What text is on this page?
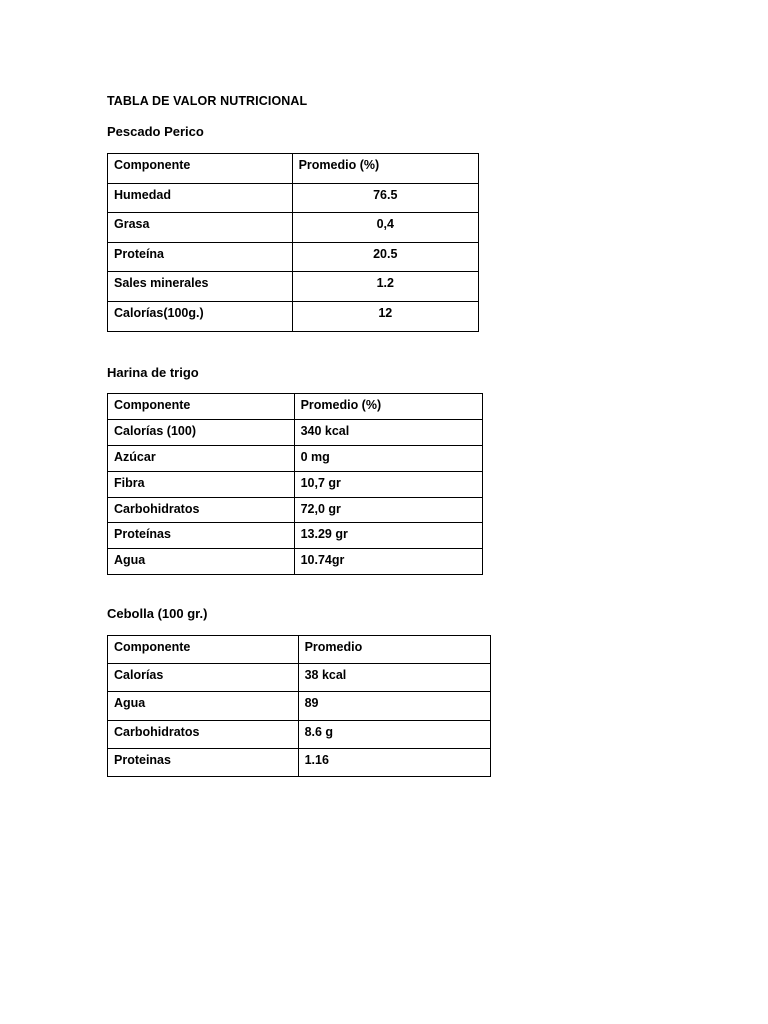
TABLA DE VALOR NUTRICIONAL
Pescado Perico
Componente	Promedio (%)
Humedad	76.5
Grasa	0,4
Proteína	20.5
Sales minerales	1.2
Calorías(100g.)	12
Harina de trigo
Componente	Promedio (%)
Calorías (100)	340 kcal
Azúcar	0 mg
Fibra	10,7 gr
Carbohidratos	72,0 gr
Proteínas	13.29 gr
Agua	10.74gr
Cebolla (100 gr.)
Componente	Promedio
Calorías	38 kcal
Agua	89
Carbohidratos	8.6 g
Proteinas	1.16
